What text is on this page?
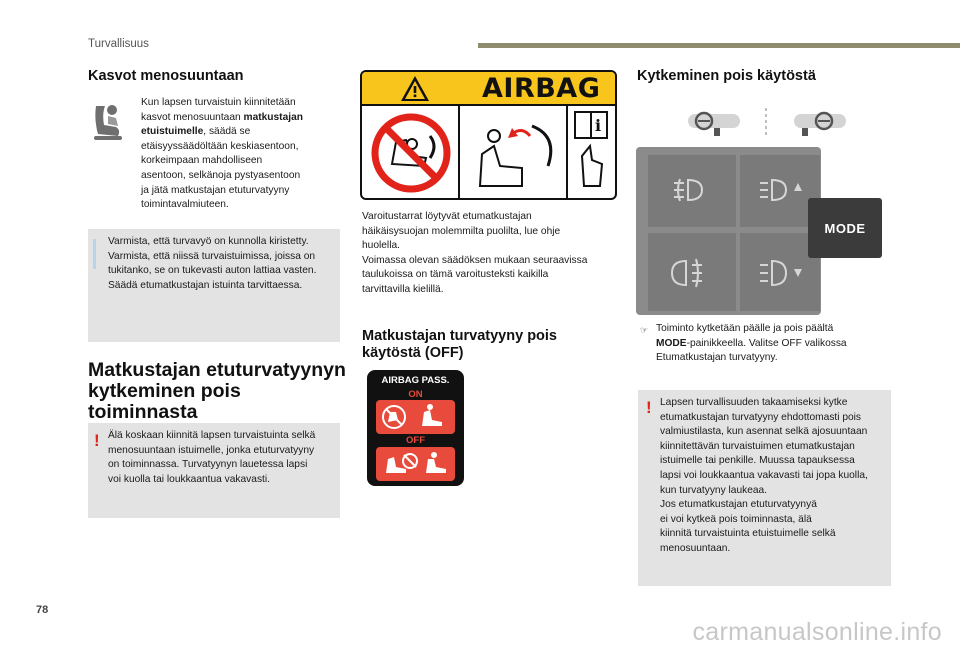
Turvallisuus
Kasvot menosuuntaan
Kun lapsen turvaistuin kiinnitetään
kasvot menosuuntaan matkustajan
etuistuimelle, säädä se
etäisyyssäädöltään keskiasentoon,
korkeimpaan mahdolliseen
asentoon, selkänoja pystyasentoon
ja jätä matkustajan etuturvatyyny
toimintavalmiuteen.
Varmista, että turvavyö on kunnolla kiristetty.
Varmista, että niissä turvaistuimissa, joissa on
tukitanko, se on tukevasti auton lattiaa vasten.
Säädä etumatkustajan istuinta tarvittaessa.
Matkustajan etuturvatyynyn
kytkeminen pois
toiminnasta
! Älä koskaan kiinnitä lapsen turvaistuinta selkä
menosuuntaan istuimelle, jonka etuturvatyyny
on toiminnassa. Turvatyynyn lauetessa lapsi
voi kuolla tai loukkaantua vakavasti.
AIRBAG
i
Varoitustarrat löytyvät etumatkustajan
häikäisysuojan molemmilta puolilta, lue ohje
huolella.
Voimassa olevan säädöksen mukaan seuraavissa
taulukoissa on tämä varoitusteksti kaikilla
tarvittavilla kielillä.
Matkustajan turvatyyny pois
käytöstä (OFF)
AIRBAG PASS.
ON
OFF
Kytkeminen pois käytöstä
MODE
☞ Toiminto kytketään päälle ja pois päältä
MODE-painikkeella. Valitse OFF valikossa
Etumatkustajan turvatyyny.
! Lapsen turvallisuuden takaamiseksi kytke
etumatkustajan turvatyyny ehdottomasti pois
valmiustilasta, kun asennat selkä ajosuuntaan
kiinnitettävän turvaistuimen etumatkustajan
istuimelle tai penkille. Muussa tapauksessa
lapsi voi loukkaantua vakavasti tai jopa kuolla,
kun turvatyyny laukeaa.
Jos etumatkustajan etuturvatyynyä
ei voi kytkeä pois toiminnasta, älä
kiinnitä turvaistuinta etuistuimelle selkä
menosuuntaan.
78
carmanualsonline.info
